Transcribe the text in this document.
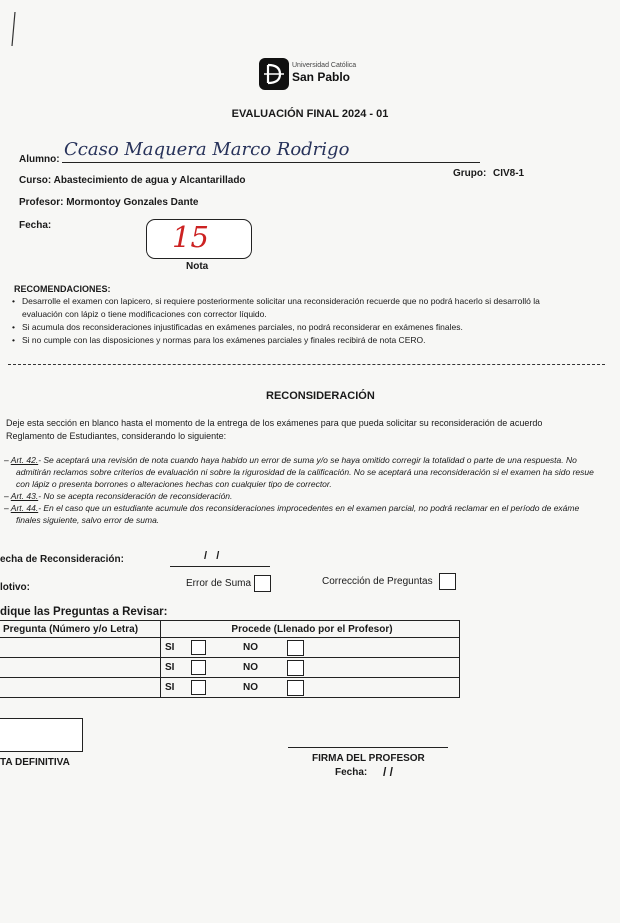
Universidad Católica
San Pablo
EVALUACIÓN FINAL 2024 - 01
Alumno: Ccaso Maquera Marco Rodrigo
Curso: Abastecimiento de agua y Alcantarillado
Grupo: CIV8-1
Profesor: Mormontoy Gonzales Dante
Fecha:	15
Nota
RECOMENDACIONES:
• Desarrolle el examen con lapicero, si requiere posteriormente solicitar una reconsideración recuerde que no podrá hacerlo si desarrolló la
evaluación con lápiz o tiene modificaciones con corrector líquido.
• Si acumula dos reconsideraciones injustificadas en exámenes parciales, no podrá reconsiderar en exámenes finales.
• Si no cumple con las disposiciones y normas para los exámenes parciales y finales recibirá de nota CERO.
RECONSIDERACIÓN
Deje esta sección en blanco hasta el momento de la entrega de los exámenes para que pueda solicitar su reconsideración de acuerdo
Reglamento de Estudiantes, considerando lo siguiente:
– Art. 42.- Se aceptará una revisión de nota cuando haya habido un error de suma y/o se haya omitido corregir la totalidad o parte de una respuesta. No
admitirán reclamos sobre criterios de evaluación ni sobre la rigurosidad de la calificación. No se aceptará una reconsideración si el examen ha sido resue
con lápiz o presenta borrones o alteraciones hechas con cualquier tipo de corrector.
– Art. 43.- No se acepta reconsideración de reconsideración.
– Art. 44.- En el caso que un estudiante acumule dos reconsideraciones improcedentes en el examen parcial, no podrá reclamar en el período de exáme
finales siguiente, salvo error de suma.
echa de Reconsideración:	/   /
lotivo:	Error de Suma	Corrección de Preguntas
dique las Preguntas a Revisar:
Pregunta (Número y/o Letra)	Procede (Llenado por el Profesor)			
	SI		NO	
	SI		NO	
	SI		NO	
TA DEFINITIVA	FIRMA DEL PROFESOR
Fecha: / /
